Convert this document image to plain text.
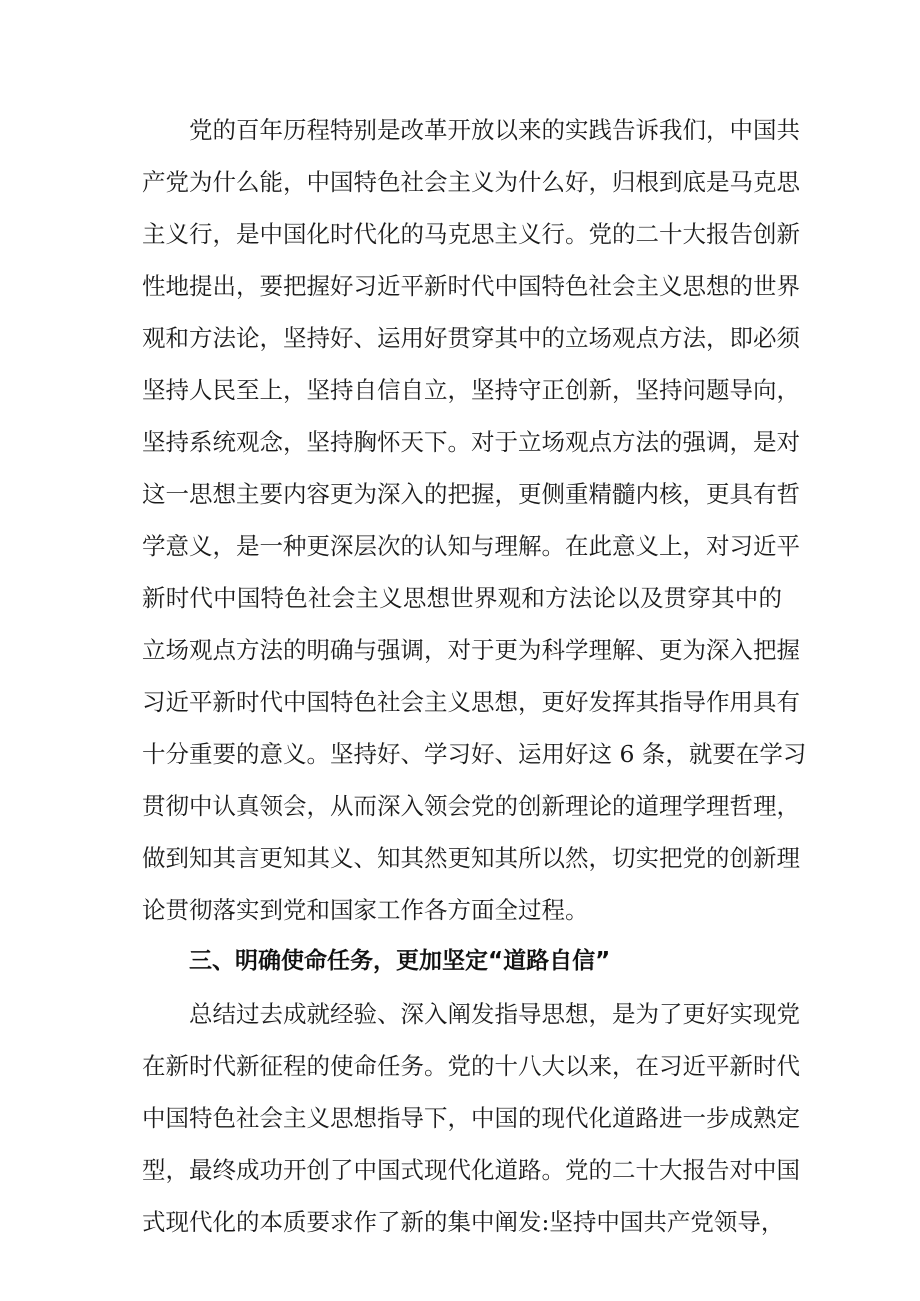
党的百年历程特别是改革开放以来的实践告诉我们，中国共
产党为什么能，中国特色社会主义为什么好，归根到底是马克思
主义行，是中国化时代化的马克思主义行。党的二十大报告创新
性地提出，要把握好习近平新时代中国特色社会主义思想的世界
观和方法论，坚持好、运用好贯穿其中的立场观点方法，即必须
坚持人民至上，坚持自信自立，坚持守正创新，坚持问题导向，
坚持系统观念，坚持胸怀天下。对于立场观点方法的强调，是对
这一思想主要内容更为深入的把握，更侧重精髓内核，更具有哲
学意义，是一种更深层次的认知与理解。在此意义上，对习近平
新时代中国特色社会主义思想世界观和方法论以及贯穿其中的
立场观点方法的明确与强调，对于更为科学理解、更为深入把握
习近平新时代中国特色社会主义思想，更好发挥其指导作用具有
十分重要的意义。坚持好、学习好、运用好这 6 条，就要在学习
贯彻中认真领会，从而深入领会党的创新理论的道理学理哲理，
做到知其言更知其义、知其然更知其所以然，切实把党的创新理
论贯彻落实到党和国家工作各方面全过程。
三、明确使命任务，更加坚定“道路自信”
总结过去成就经验、深入阐发指导思想，是为了更好实现党
在新时代新征程的使命任务。党的十八大以来，在习近平新时代
中国特色社会主义思想指导下，中国的现代化道路进一步成熟定
型，最终成功开创了中国式现代化道路。党的二十大报告对中国
式现代化的本质要求作了新的集中阐发:坚持中国共产党领导，
